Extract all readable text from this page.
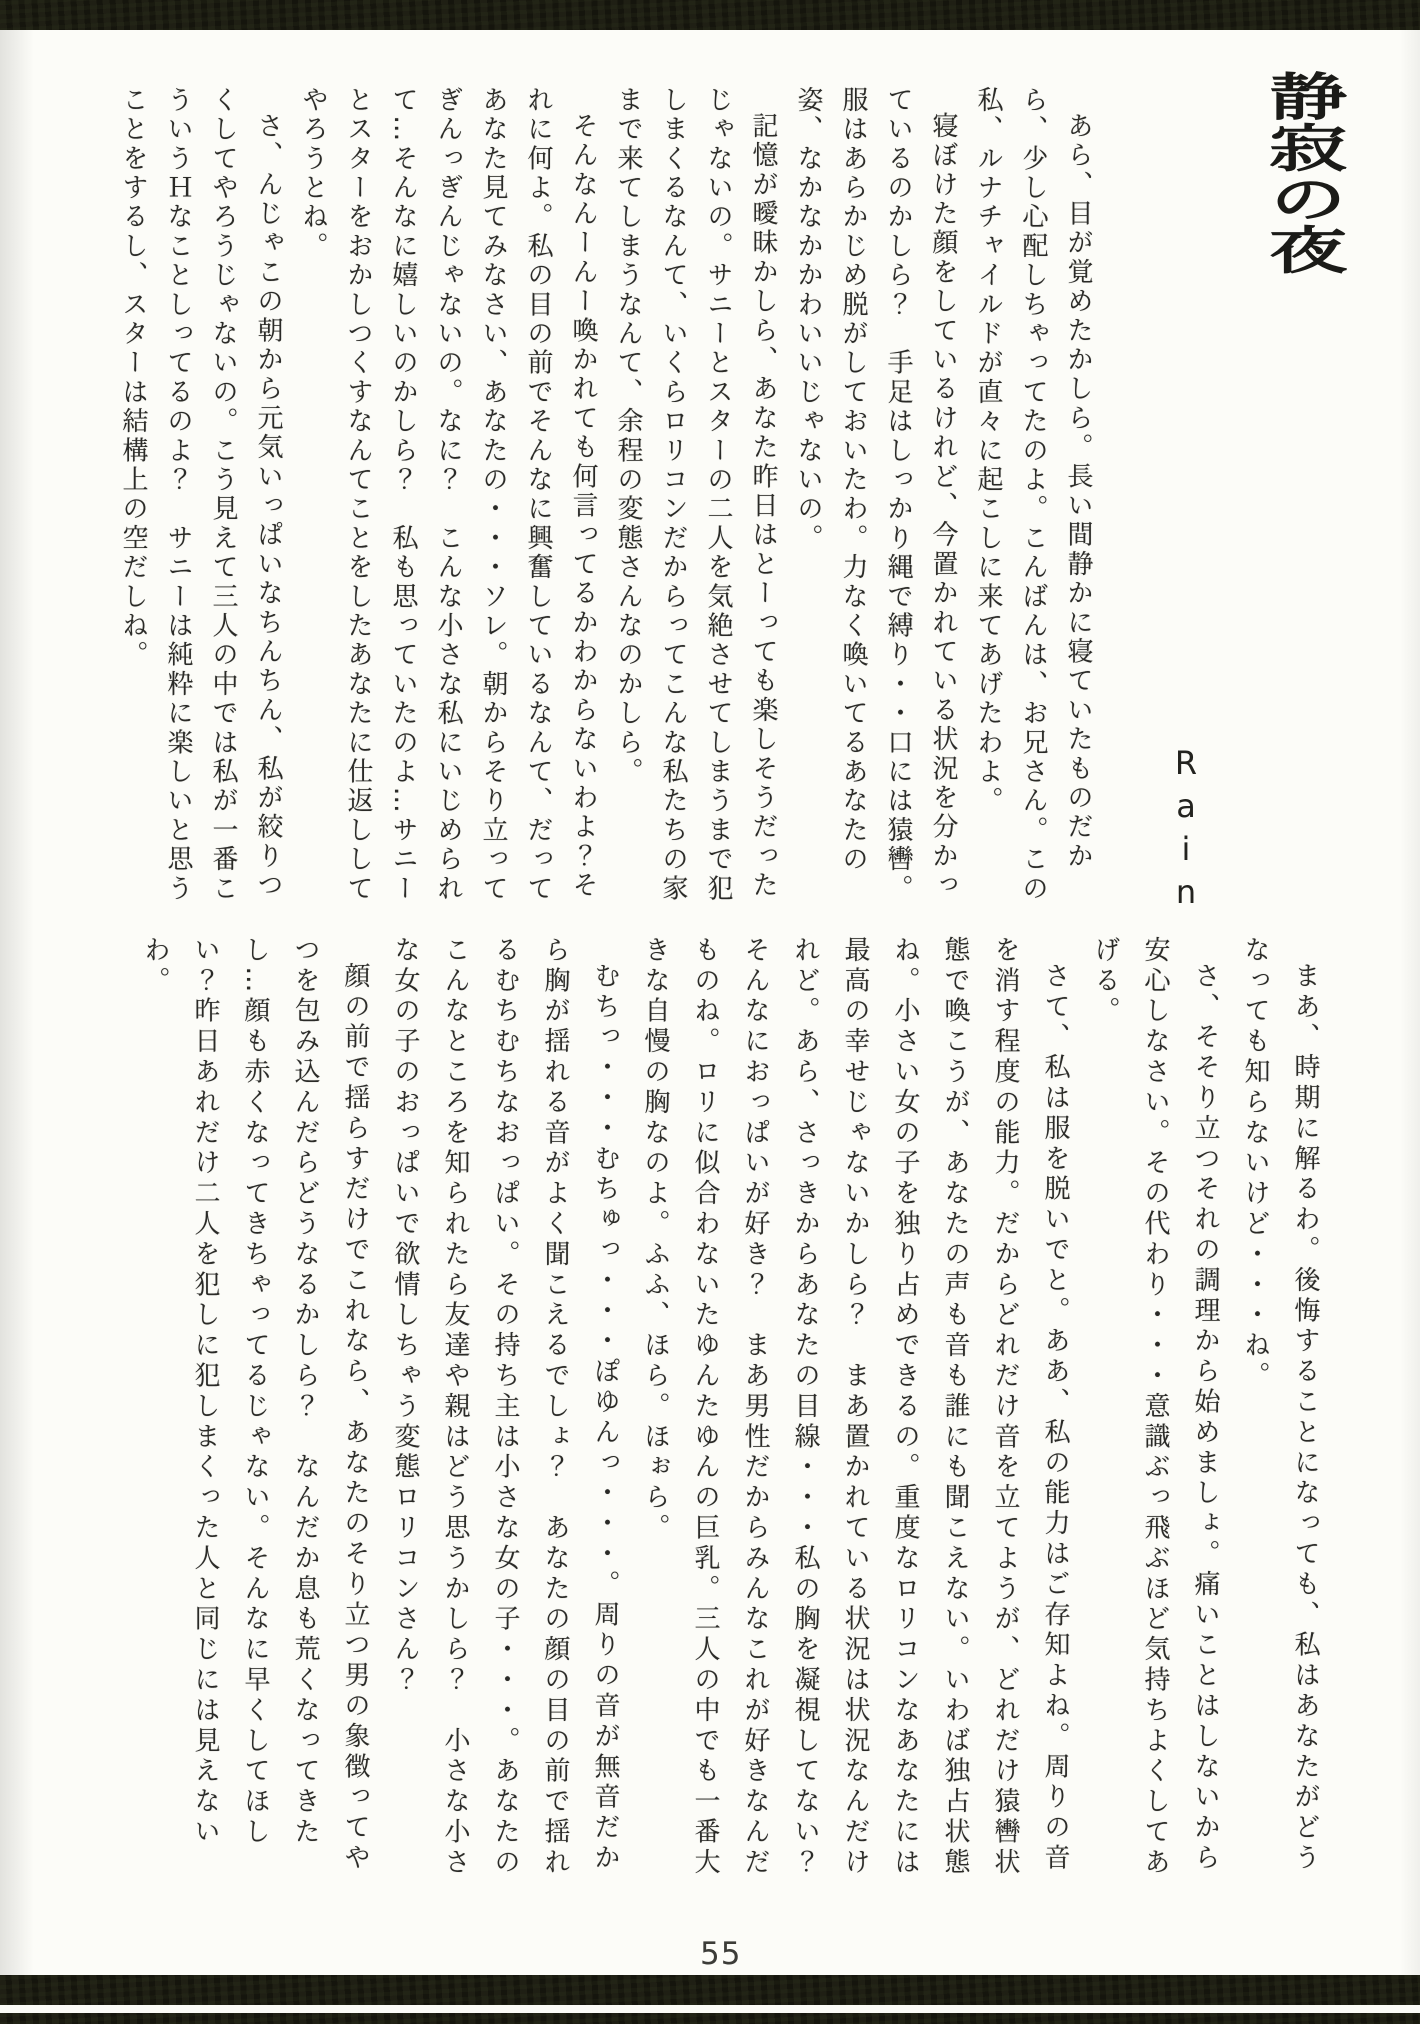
静寂の夜
Rain

あら、目が覚めたかしら。長い間静かに寝ていたものだから、少し心配しちゃってたのよ。こんばんは、お兄さん。この私、ルナチャイルドが直々に起こしに来てあげたわよ。

寝ぼけた顔をしているけれど、今置かれている状況を分かっているのかしら？　手足はしっかり縄で縛り・・口には猿轡。服はあらかじめ脱がしておいたわ。力なく喚いてるあなたの姿、なかなかかわいいじゃないの。

記憶が曖昧かしら、あなた昨日はとーっても楽しそうだったじゃないの。サニーとスターの二人を気絶させてしまうまで犯しまくるなんて、いくらロリコンだからってこんな私たちの家まで来てしまうなんて、余程の変態さんなのかしら。

そんなんーんー喚かれても何言ってるかわからないわよ？それに何よ。私の目の前でそんなに興奮しているなんて、だってあなた見てみなさい、あなたの・・・ソレ。朝からそり立ってぎんっぎんじゃないの。なに？　こんな小さな私にいじめられて…そんなに嬉しいのかしら？　私も思っていたのよ…サニーとスターをおかしつくすなんてことをしたあなたに仕返ししてやろうとね。

さ、んじゃこの朝から元気いっぱいなちんちん、私が絞りつくしてやろうじゃないの。こう見えて三人の中では私が一番こういうＨなことしってるのよ？　サニーは純粋に楽しいと思うことをするし、スターは結構上の空だしね。

まあ、時期に解るわ。後悔することになっても、私はあなたがどうなっても知らないけど・・・ね。

さ、そそり立つそれの調理から始めましょ。痛いことはしないから安心しなさい。その代わり・・・意識ぶっ飛ぶほど気持ちよくしてあげる。

さて、私は服を脱いでと。ああ、私の能力はご存知よね。周りの音を消す程度の能力。だからどれだけ音を立てようが、どれだけ猿轡状態で喚こうが、あなたの声も音も誰にも聞こえない。いわば独占状態ね。小さい女の子を独り占めできるの。重度なロリコンなあなたには最高の幸せじゃないかしら？　まあ置かれている状況は状況なんだけれど。あら、さっきからあなたの目線・・・私の胸を凝視してない？そんなにおっぱいが好き？　まあ男性だからみんなこれが好きなんだものね。ロリに似合わないたゆんたゆんの巨乳。三人の中でも一番大きな自慢の胸なのよ。ふふ、ほら。ほぉら。

むちっ・・・むちゅっ・・・ぽゆんっ・・・。周りの音が無音だから胸が揺れる音がよく聞こえるでしょ？　あなたの顔の目の前で揺れるむちむちなおっぱい。その持ち主は小さな女の子・・・。あなたのこんなところを知られたら友達や親はどう思うかしら？　小さな小さな女の子のおっぱいで欲情しちゃう変態ロリコンさん？

顔の前で揺らすだけでこれなら、あなたのそり立つ男の象徴ってやつを包み込んだらどうなるかしら？　なんだか息も荒くなってきたし…顔も赤くなってきちゃってるじゃない。そんなに早くしてほしい？昨日あれだけ二人を犯しに犯しまくった人と同じには見えないわ。

55
